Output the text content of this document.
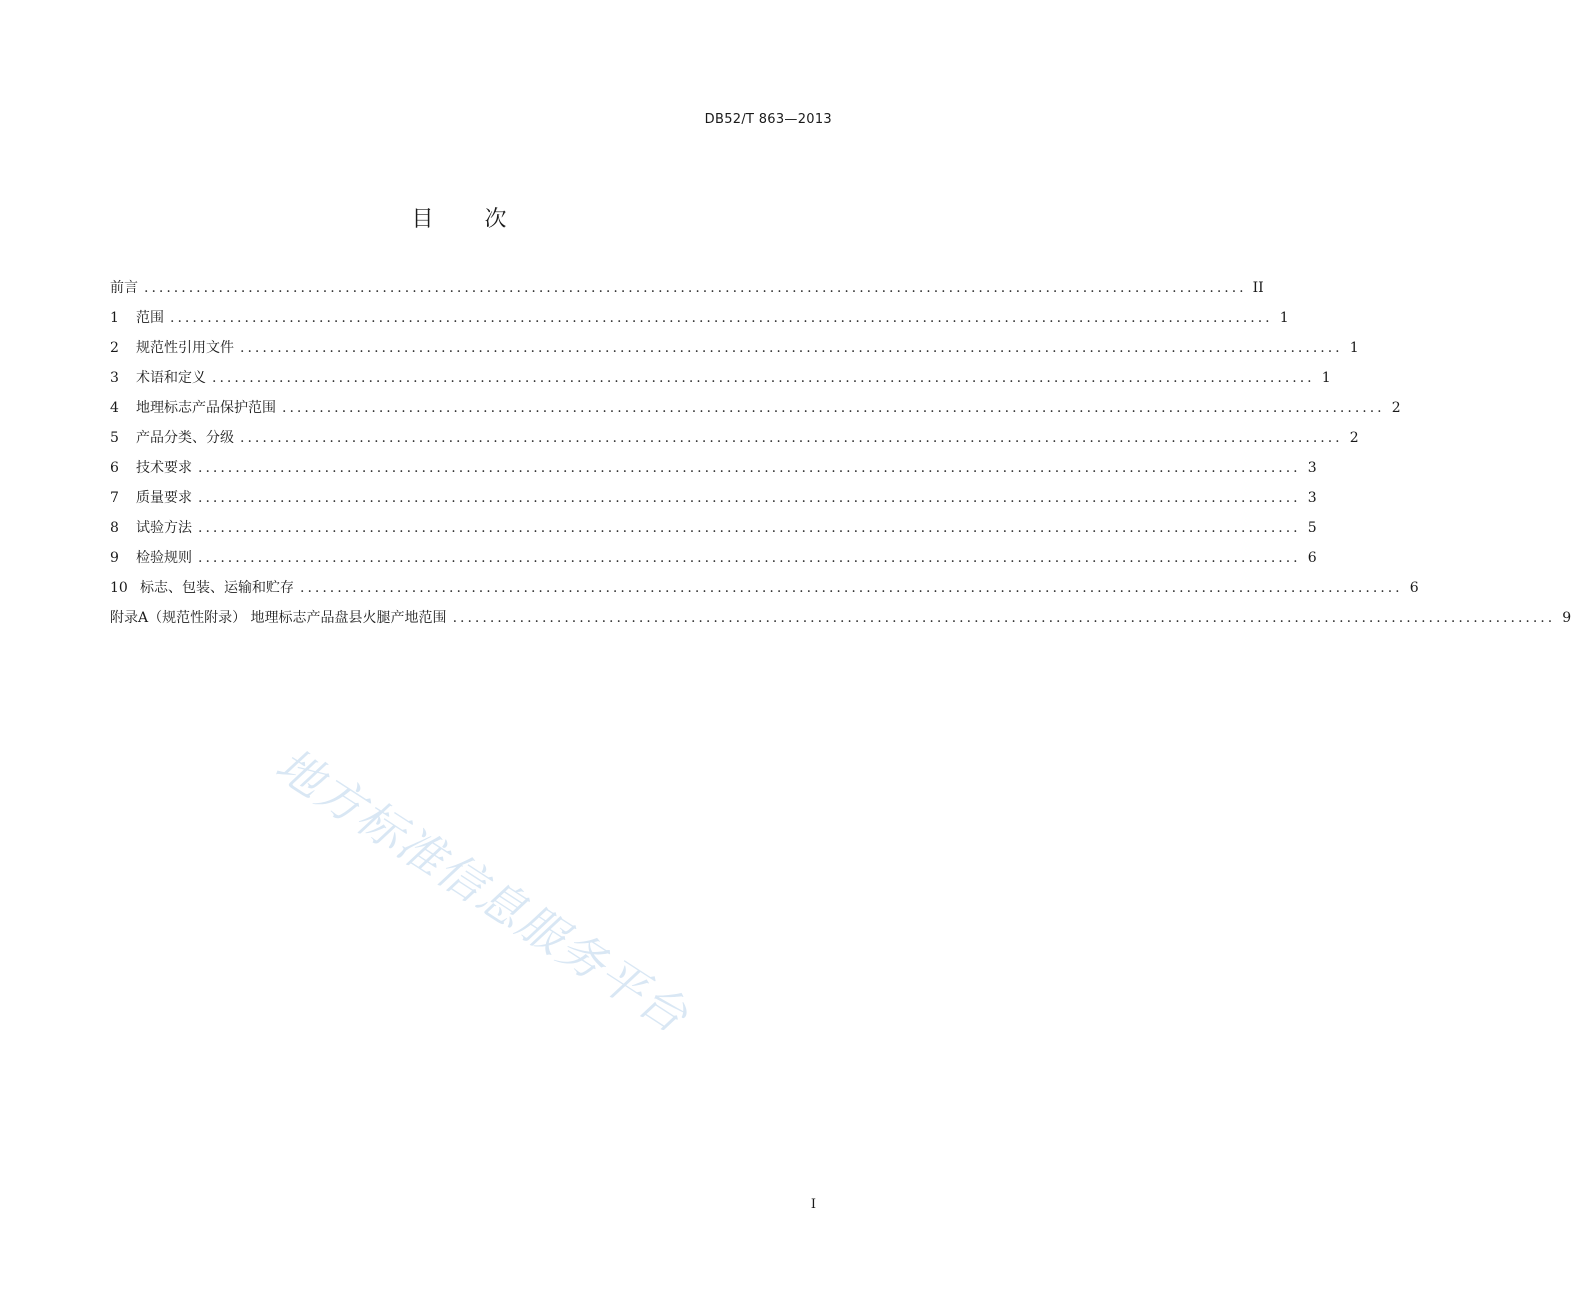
DB52/T 863—2013
目 次
前言 .................................................................................................................................................... II
1	范围 .................................................................................................................................................... 1
2	规范性引用文件 .................................................................................................................................................... 1
3	术语和定义 .................................................................................................................................................... 1
4	地理标志产品保护范围 .................................................................................................................................................... 2
5	产品分类、分级 .................................................................................................................................................... 2
6	技术要求 .................................................................................................................................................... 3
7	质量要求 .................................................................................................................................................... 3
8	试验方法 .................................................................................................................................................... 5
9	检验规则 .................................................................................................................................................... 6
10 标志、包装、运输和贮存 .................................................................................................................................................... 6
附录A（规范性附录） 地理标志产品盘县火腿产地范围 .................................................................................................................................................... 9
地方标准信息服务平台
I
